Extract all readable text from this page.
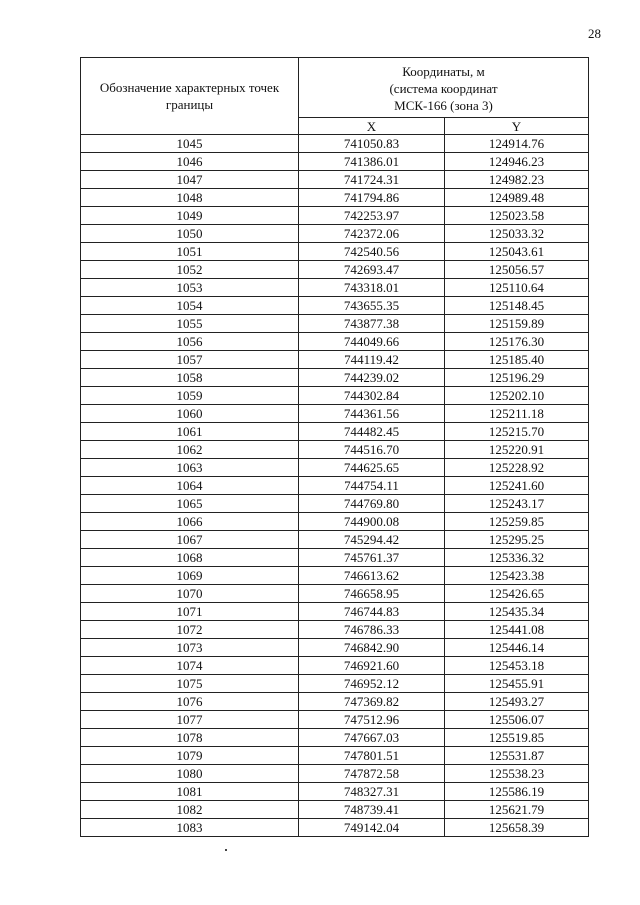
28
Обозначение характерных точек границы	Координаты, м
(система координат
МСК-166 (зона 3)	

	X	Y
1045	741050.83	124914.76
1046	741386.01	124946.23
1047	741724.31	124982.23
1048	741794.86	124989.48
1049	742253.97	125023.58
1050	742372.06	125033.32
1051	742540.56	125043.61
1052	742693.47	125056.57
1053	743318.01	125110.64
1054	743655.35	125148.45
1055	743877.38	125159.89
1056	744049.66	125176.30
1057	744119.42	125185.40
1058	744239.02	125196.29
1059	744302.84	125202.10
1060	744361.56	125211.18
1061	744482.45	125215.70
1062	744516.70	125220.91
1063	744625.65	125228.92
1064	744754.11	125241.60
1065	744769.80	125243.17
1066	744900.08	125259.85
1067	745294.42	125295.25
1068	745761.37	125336.32
1069	746613.62	125423.38
1070	746658.95	125426.65
1071	746744.83	125435.34
1072	746786.33	125441.08
1073	746842.90	125446.14
1074	746921.60	125453.18
1075	746952.12	125455.91
1076	747369.82	125493.27
1077	747512.96	125506.07
1078	747667.03	125519.85
1079	747801.51	125531.87
1080	747872.58	125538.23
1081	748327.31	125586.19
1082	748739.41	125621.79
1083	749142.04	125658.39
